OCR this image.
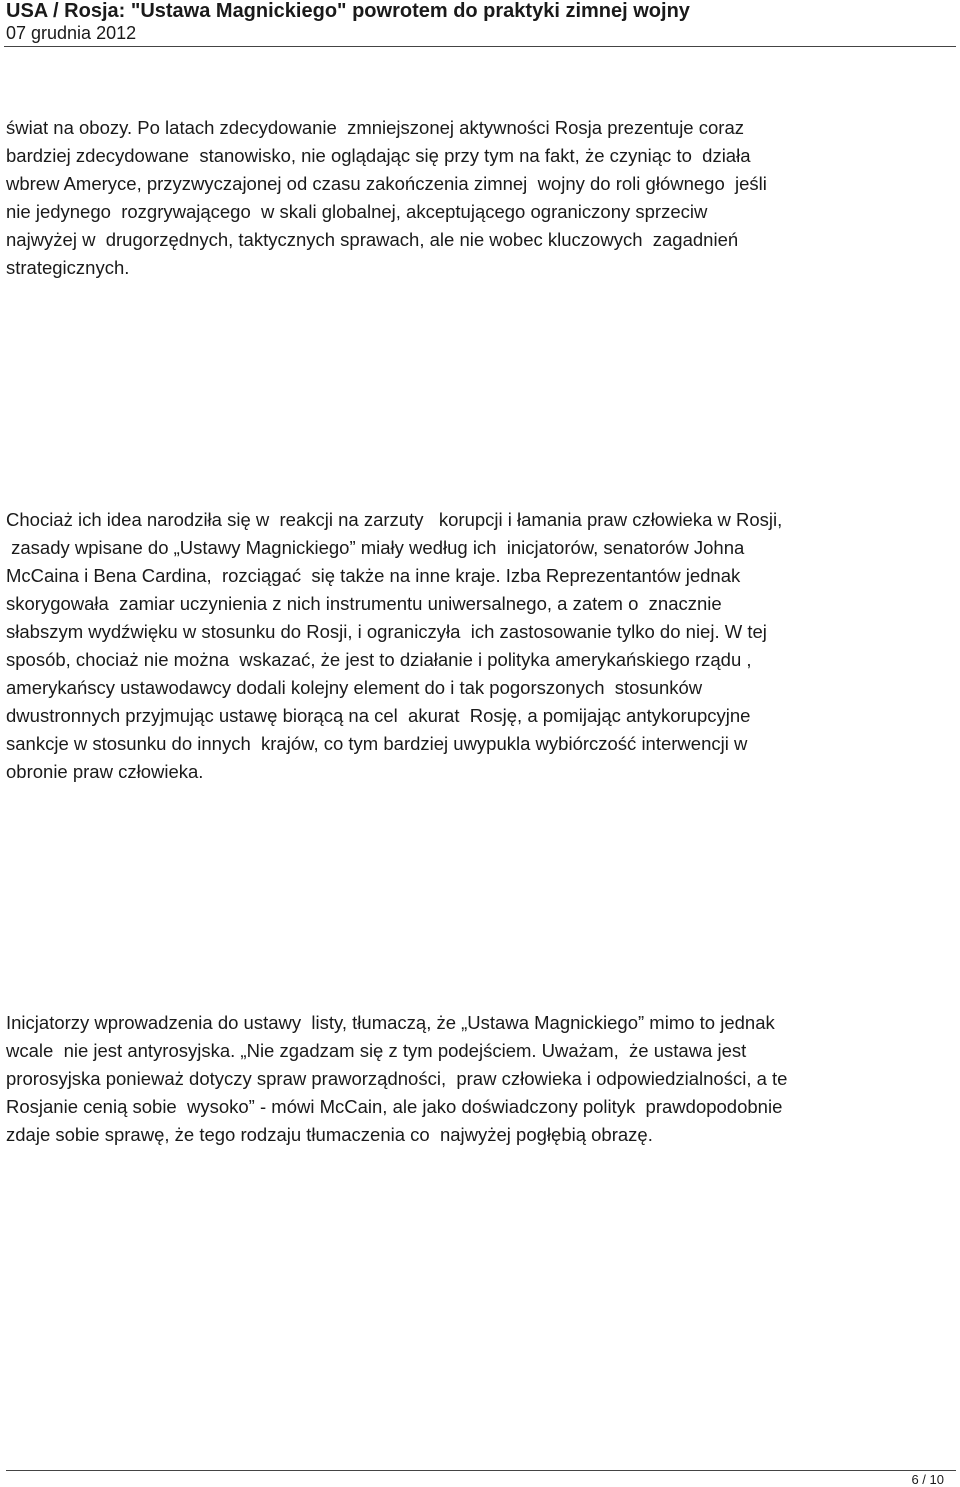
USA / Rosja: "Ustawa Magnickiego" powrotem do praktyki zimnej wojny
07 grudnia 2012

świat na obozy. Po latach zdecydowanie  zmniejszonej aktywności Rosja prezentuje coraz
bardziej zdecydowane  stanowisko, nie oglądając się przy tym na fakt, że czyniąc to  działa
wbrew Ameryce, przyzwyczajonej od czasu zakończenia zimnej  wojny do roli głównego  jeśli
nie jedynego  rozgrywającego  w skali globalnej, akceptującego ograniczony sprzeciw
najwyżej w  drugorzędnych, taktycznych sprawach, ale nie wobec kluczowych  zagadnień
strategicznych.

Chociaż ich idea narodziła się w  reakcji na zarzuty   korupcji i łamania praw człowieka w Rosji,
zasady wpisane do „Ustawy Magnickiego” miały według ich  inicjatorów, senatorów Johna
McCaina i Bena Cardina,  rozciągać  się także na inne kraje. Izba Reprezentantów jednak
skorygowała  zamiar uczynienia z nich instrumentu uniwersalnego, a zatem o  znacznie
słabszym wydźwięku w stosunku do Rosji, i ograniczyła  ich zastosowanie tylko do niej. W tej
sposób, chociaż nie można  wskazać, że jest to działanie i polityka amerykańskiego rządu ,
amerykańscy ustawodawcy dodali kolejny element do i tak pogorszonych  stosunków
dwustronnych przyjmując ustawę biorącą na cel  akurat  Rosję, a pomijając antykorupcyjne
sankcje w stosunku do innych  krajów, co tym bardziej uwypukla wybiórczość interwencji w
obronie praw człowieka.

Inicjatorzy wprowadzenia do ustawy  listy, tłumaczą, że „Ustawa Magnickiego” mimo to jednak
wcale  nie jest antyrosyjska. „Nie zgadzam się z tym podejściem. Uważam,  że ustawa jest
prorosyjska ponieważ dotyczy spraw praworządności,  praw człowieka i odpowiedzialności, a te
Rosjanie cenią sobie  wysoko” - mówi McCain, ale jako doświadczony polityk  prawdopodobnie
zdaje sobie sprawę, że tego rodzaju tłumaczenia co  najwyżej pogłębią obrazę.

6 / 10
